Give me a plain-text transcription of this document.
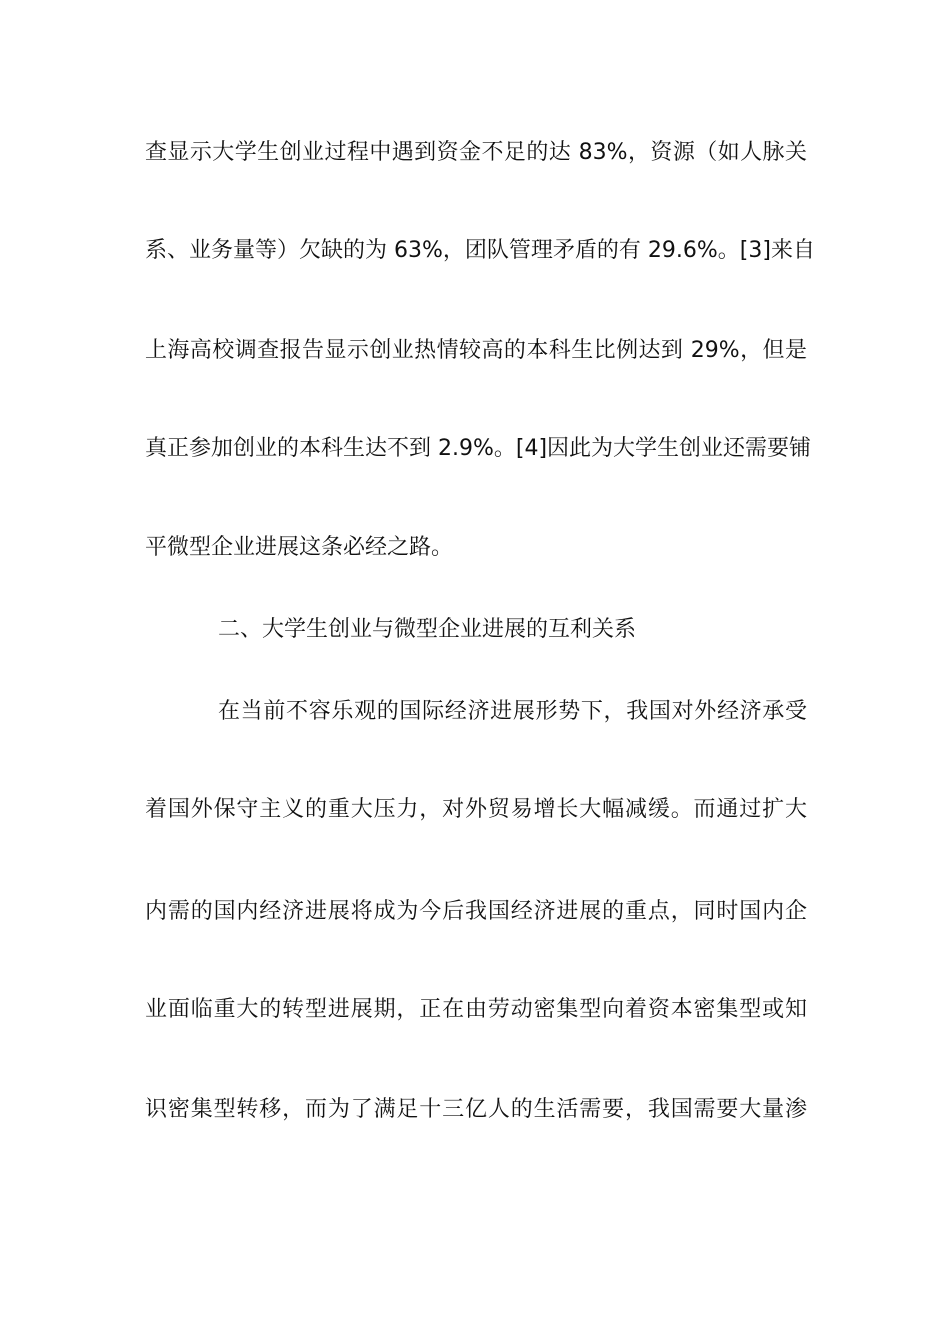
查显示大学生创业过程中遇到资金不足的达 83%，资源（如人脉关
系、业务量等）欠缺的为 63%，团队管理矛盾的有 29.6%。[3]来自
上海高校调查报告显示创业热情较高的本科生比例达到 29%，但是
真正参加创业的本科生达不到 2.9%。[4]因此为大学生创业还需要铺
平微型企业进展这条必经之路。
二、大学生创业与微型企业进展的互利关系
在当前不容乐观的国际经济进展形势下，我国对外经济承受
着国外保守主义的重大压力，对外贸易增长大幅减缓。而通过扩大
内需的国内经济进展将成为今后我国经济进展的重点，同时国内企
业面临重大的转型进展期，正在由劳动密集型向着资本密集型或知
识密集型转移，而为了满足十三亿人的生活需要，我国需要大量渗
